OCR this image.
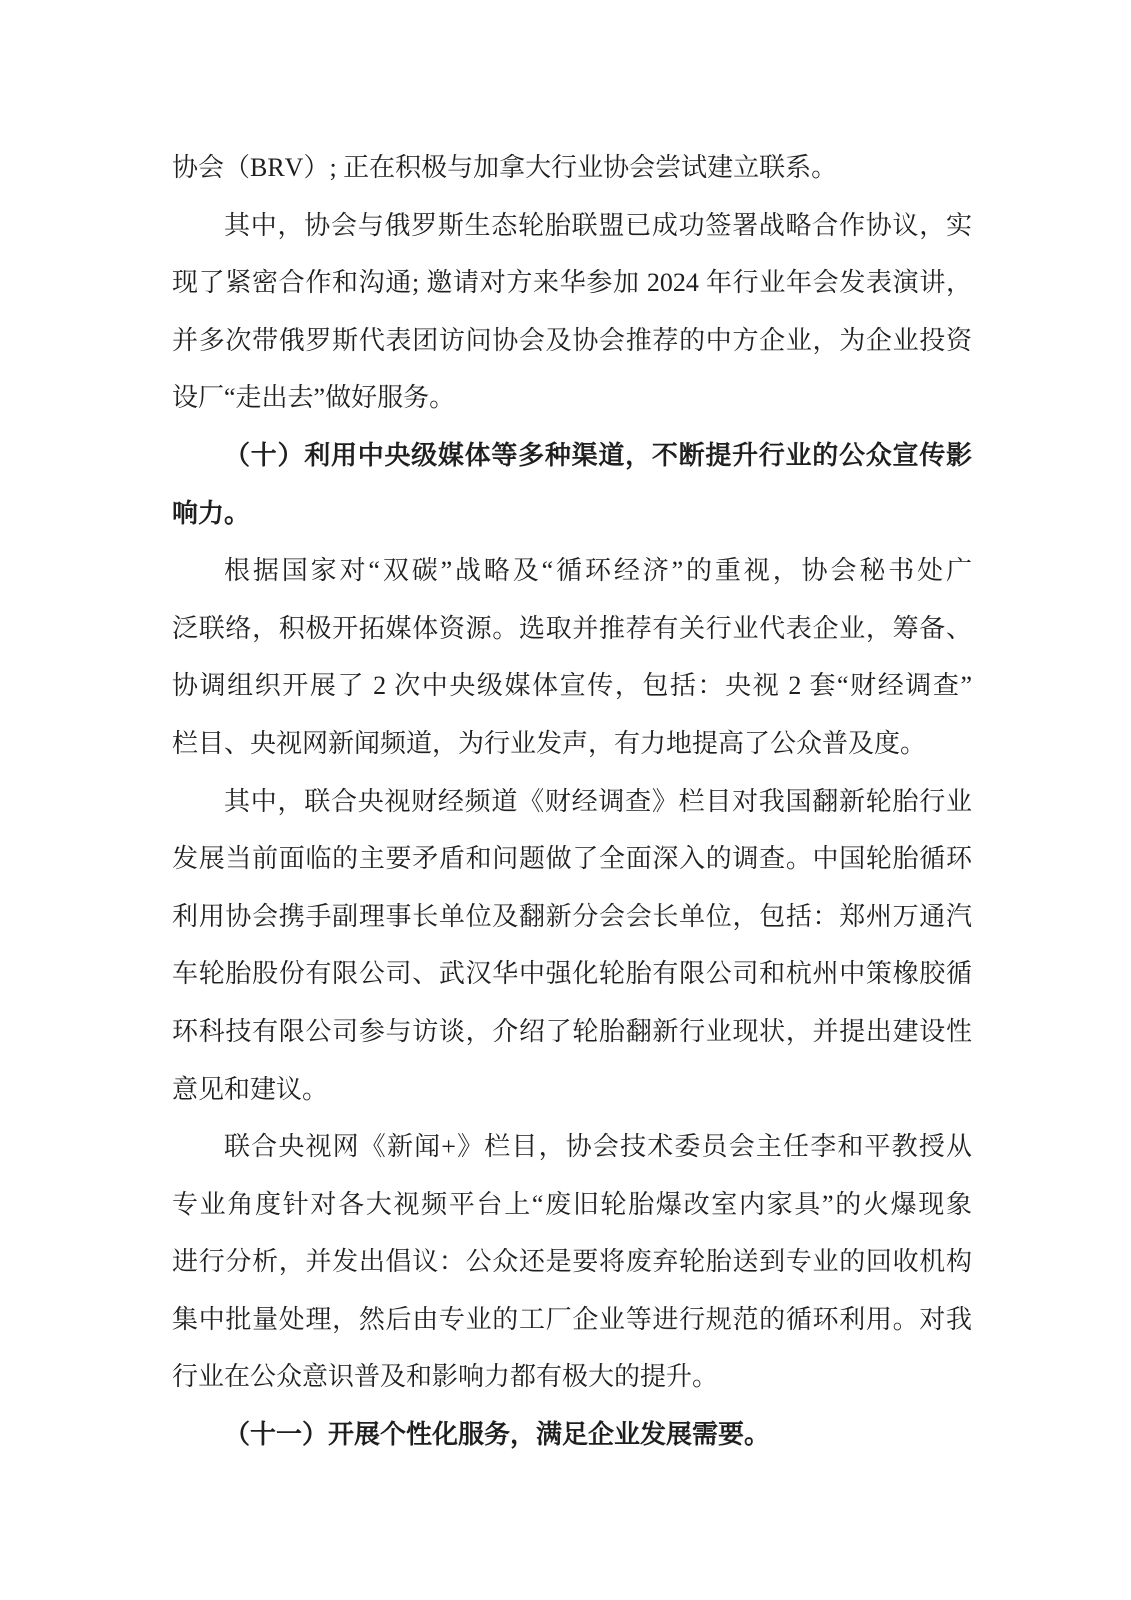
协会（BRV）; 正在积极与加拿大行业协会尝试建立联系。
其中，协会与俄罗斯生态轮胎联盟已成功签署战略合作协议，实
现了紧密合作和沟通; 邀请对方来华参加 2024 年行业年会发表演讲，
并多次带俄罗斯代表团访问协会及协会推荐的中方企业，为企业投资
设厂“走出去”做好服务。
（十）利用中央级媒体等多种渠道，不断提升行业的公众宣传影
响力。
根据国家对“双碳”战略及“循环经济”的重视，协会秘书处广
泛联络，积极开拓媒体资源。选取并推荐有关行业代表企业，筹备、
协调组织开展了 2 次中央级媒体宣传，包括：央视 2 套“财经调查”
栏目、央视网新闻频道，为行业发声，有力地提高了公众普及度。
其中，联合央视财经频道《财经调查》栏目对我国翻新轮胎行业
发展当前面临的主要矛盾和问题做了全面深入的调查。中国轮胎循环
利用协会携手副理事长单位及翻新分会会长单位，包括：郑州万通汽
车轮胎股份有限公司、武汉华中强化轮胎有限公司和杭州中策橡胶循
环科技有限公司参与访谈，介绍了轮胎翻新行业现状，并提出建设性
意见和建议。
联合央视网《新闻+》栏目，协会技术委员会主任李和平教授从
专业角度针对各大视频平台上“废旧轮胎爆改室内家具”的火爆现象
进行分析，并发出倡议：公众还是要将废弃轮胎送到专业的回收机构
集中批量处理，然后由专业的工厂企业等进行规范的循环利用。对我
行业在公众意识普及和影响力都有极大的提升。
（十一）开展个性化服务，满足企业发展需要。
